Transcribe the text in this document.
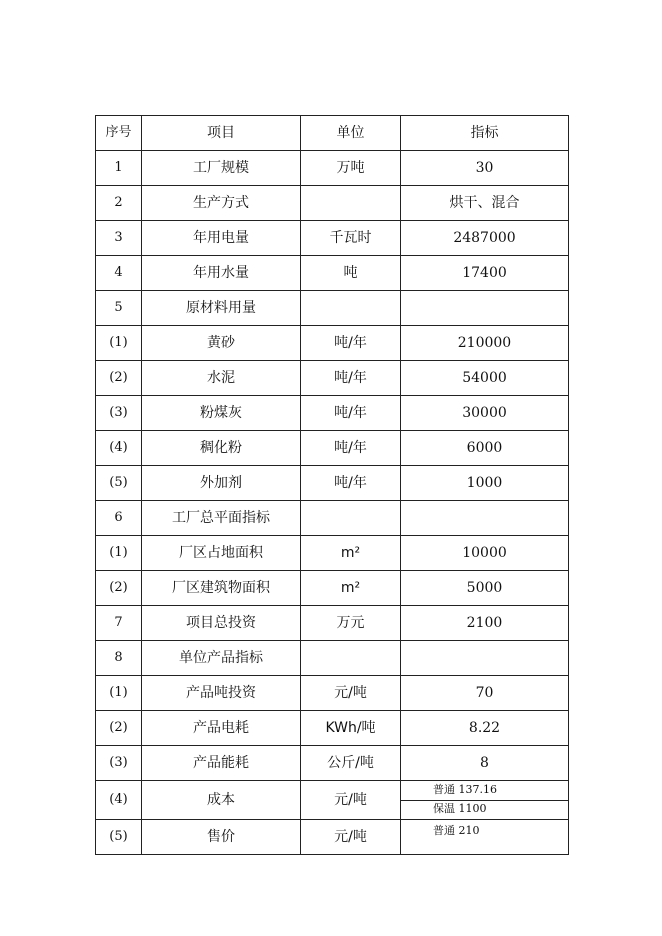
序号	项目	单位	指标
1	工厂规模	万吨	30
2	生产方式		烘干、混合
3	年用电量	千瓦时	2487000
4	年用水量	吨	17400
5	原材料用量		
(1)	黄砂	吨/年	210000
(2)	水泥	吨/年	54000
(3)	粉煤灰	吨/年	30000
(4)	稠化粉	吨/年	6000
(5)	外加剂	吨/年	1000
6	工厂总平面指标		
(1)	厂区占地面积	m²	10000
(2)	厂区建筑物面积	m²	5000
7	项目总投资	万元	2100
8	单位产品指标		
(1)	产品吨投资	元/吨	70
(2)	产品电耗	KWh/吨	8.22
(3)	产品能耗	公斤/吨	8
(4)	成本	元/吨	普通 137.16
保温 1100

(5)	售价	元/吨	普通 210
